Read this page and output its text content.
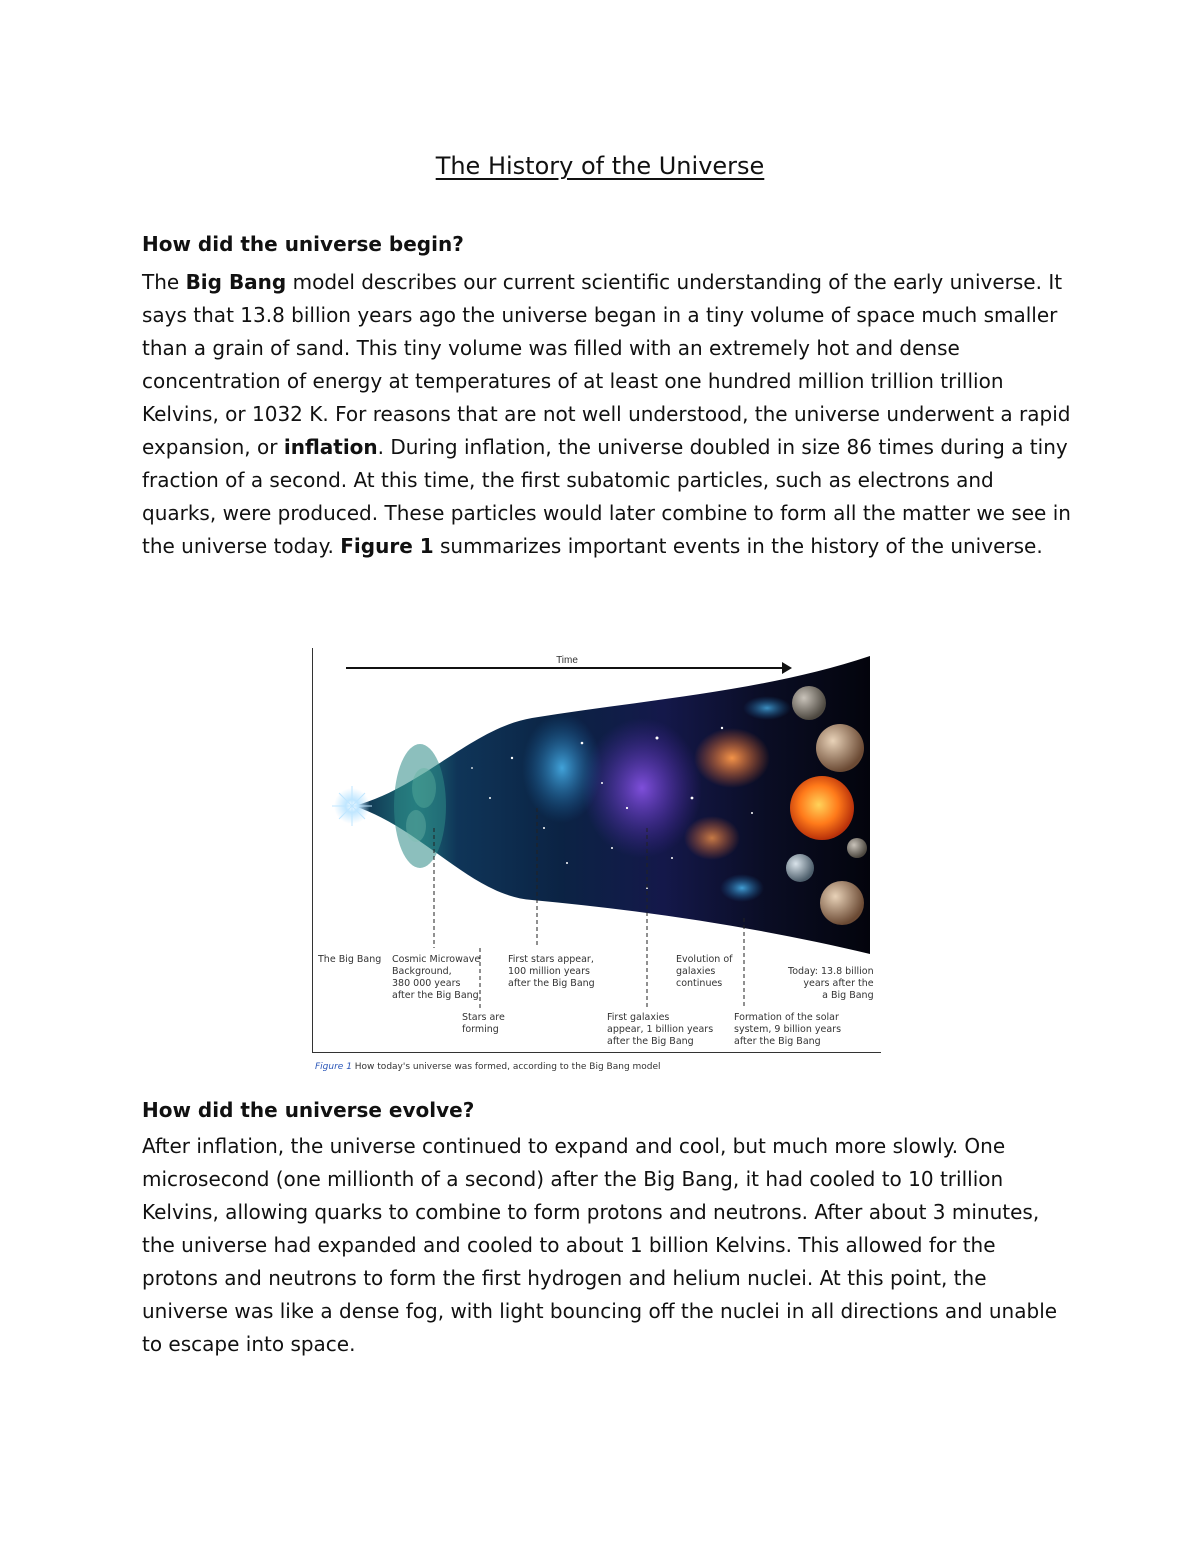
The History of the Universe
How did the universe begin?

The Big Bang model describes our current scientific understanding of the early universe. It says that 13.8 billion years ago the universe began in a tiny volume of space much smaller than a grain of sand. This tiny volume was filled with an extremely hot and dense concentration of energy at temperatures of at least one hundred million trillion trillion Kelvins, or 1032 K. For reasons that are not well understood, the universe underwent a rapid expansion, or inflation. During inflation, the universe doubled in size 86 times during a tiny fraction of a second. At this time, the first subatomic particles, such as electrons and quarks, were produced. These particles would later combine to form all the matter we see in the universe today. Figure 1 summarizes important events in the history of the universe.

Time
The Big Bang Cosmic Microwave
Background,
380 000 years
after the Big Bang
First stars appear,
100 million years
after the Big Bang
Evolution of
galaxies
continues
Today: 13.8 billion
years after the
a Big Bang
Stars are
forming
First galaxies
appear, 1 billion years
after the Big Bang
Formation of the solar
system, 9 billion years
after the Big Bang
Figure 1 How today's universe was formed, according to the Big Bang model
How did the universe evolve?

After inflation, the universe continued to expand and cool, but much more slowly. One microsecond (one millionth of a second) after the Big Bang, it had cooled to 10 trillion Kelvins, allowing quarks to combine to form protons and neutrons. After about 3 minutes, the universe had expanded and cooled to about 1 billion Kelvins. This allowed for the protons and neutrons to form the first hydrogen and helium nuclei. At this point, the universe was like a dense fog, with light bouncing off the nuclei in all directions and unable to escape into space.
